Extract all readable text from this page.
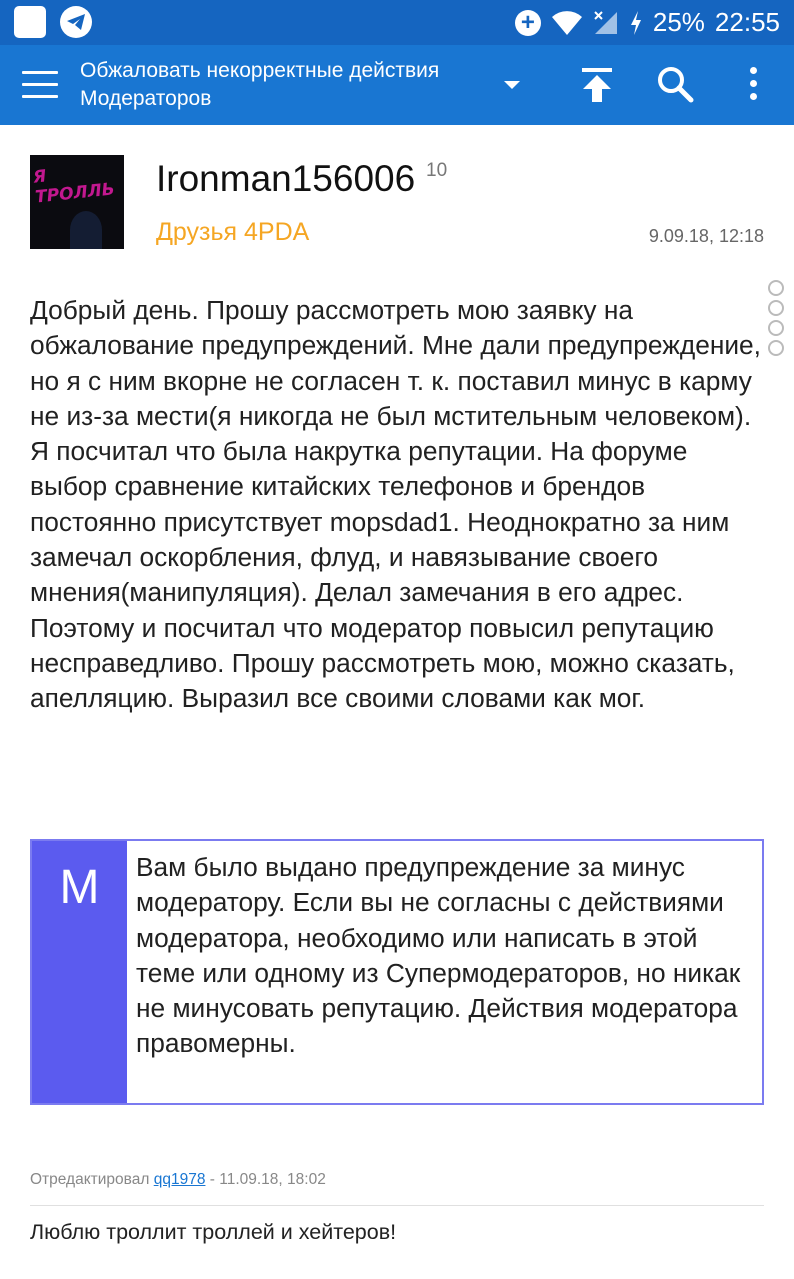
+	25% 22:55
Обжаловать некорректные действия Модераторов
Я ТРОЛЛЬ Ironman156006 10
Друзья 4PDA	9.09.18, 12:18
Добрый день. Прошу рассмотреть мою заявку на обжалование предупреждений. Мне дали предупреждение, но я с ним вкорне не согласен т. к. поставил минус в карму не из-за мести(я никогда не был мстительным человеком). Я посчитал что была накрутка репутации. На форуме выбор сравнение китайских телефонов и брендов постоянно присутствует mopsdad1. Неоднократно за ним замечал оскорбления, флуд, и навязывание своего мнения(манипуляция). Делал замечания в его адрес. Поэтому и посчитал что модератор повысил репутацию несправедливо. Прошу рассмотреть мою, можно сказать, апелляцию. Выразил все своими словами как мог.
M	Вам было выдано предупреждение за минус модератору. Если вы не согласны с действиями модератора, необходимо или написать в этой теме или одному из Супермодераторов, но никак не минусовать репутацию. Действия модератора правомерны.
Отредактировал qq1978 - 11.09.18, 18:02
Люблю троллит троллей и хейтеров!
